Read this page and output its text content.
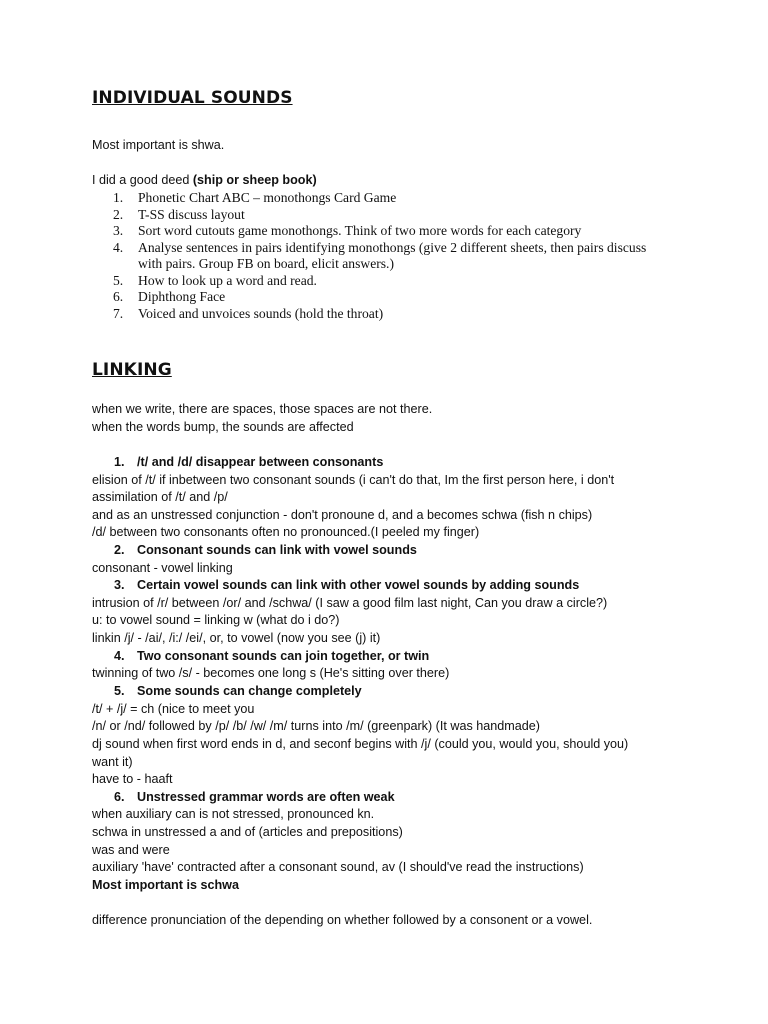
INDIVIDUAL SOUNDS
Most important is shwa.
I did a good deed (ship or sheep book)
1. Phonetic Chart ABC – monothongs Card Game
2. T-SS discuss layout
3. Sort word cutouts game monothongs. Think of two more words for each category
4. Analyse sentences in pairs identifying monothongs (give 2 different sheets, then pairs discuss
with pairs. Group FB on board, elicit answers.)
5. How to look up a word and read.
6. Diphthong Face
7. Voiced and unvoices sounds (hold the throat)
LINKING
when we write, there are spaces, those spaces are not there.
when the words bump, the sounds are affected
1. /t/ and /d/ disappear between consonants
elision of /t/ if inbetween two consonant sounds (i can't do that, Im the first person here, i don't
assimilation of /t/ and /p/
and as an unstressed conjunction - don't pronoune d, and a becomes schwa (fish n chips)
/d/ between two consonants often no pronounced.(I peeled my finger)
2. Consonant sounds can link with vowel sounds
consonant - vowel linking
3. Certain vowel sounds can link with other vowel sounds by adding sounds
intrusion of /r/ between /or/ and /schwa/ (I saw a good film last night, Can you draw a circle?)
u: to vowel sound = linking w (what do i do?)
linkin /j/ - /ai/, /i:/ /ei/, or, to vowel (now you see (j) it)
4. Two consonant sounds can join together, or twin
twinning of two /s/ - becomes one long s (He's sitting over there)
5. Some sounds can change completely
/t/ + /j/ = ch (nice to meet you
/n/ or /nd/ followed by /p/ /b/ /w/ /m/ turns into /m/ (greenpark) (It was handmade)
dj sound when first word ends in d, and seconf begins with /j/ (could you, would you, should you)
want it)
have to - haaft
6. Unstressed grammar words are often weak
when auxiliary can is not stressed, pronounced kn.
schwa in unstressed a and of (articles and prepositions)
was and were
auxiliary 'have' contracted after a consonant sound, av (I should've read the instructions)
Most important is schwa
difference pronunciation of the depending on whether followed by a consonent or a vowel.
